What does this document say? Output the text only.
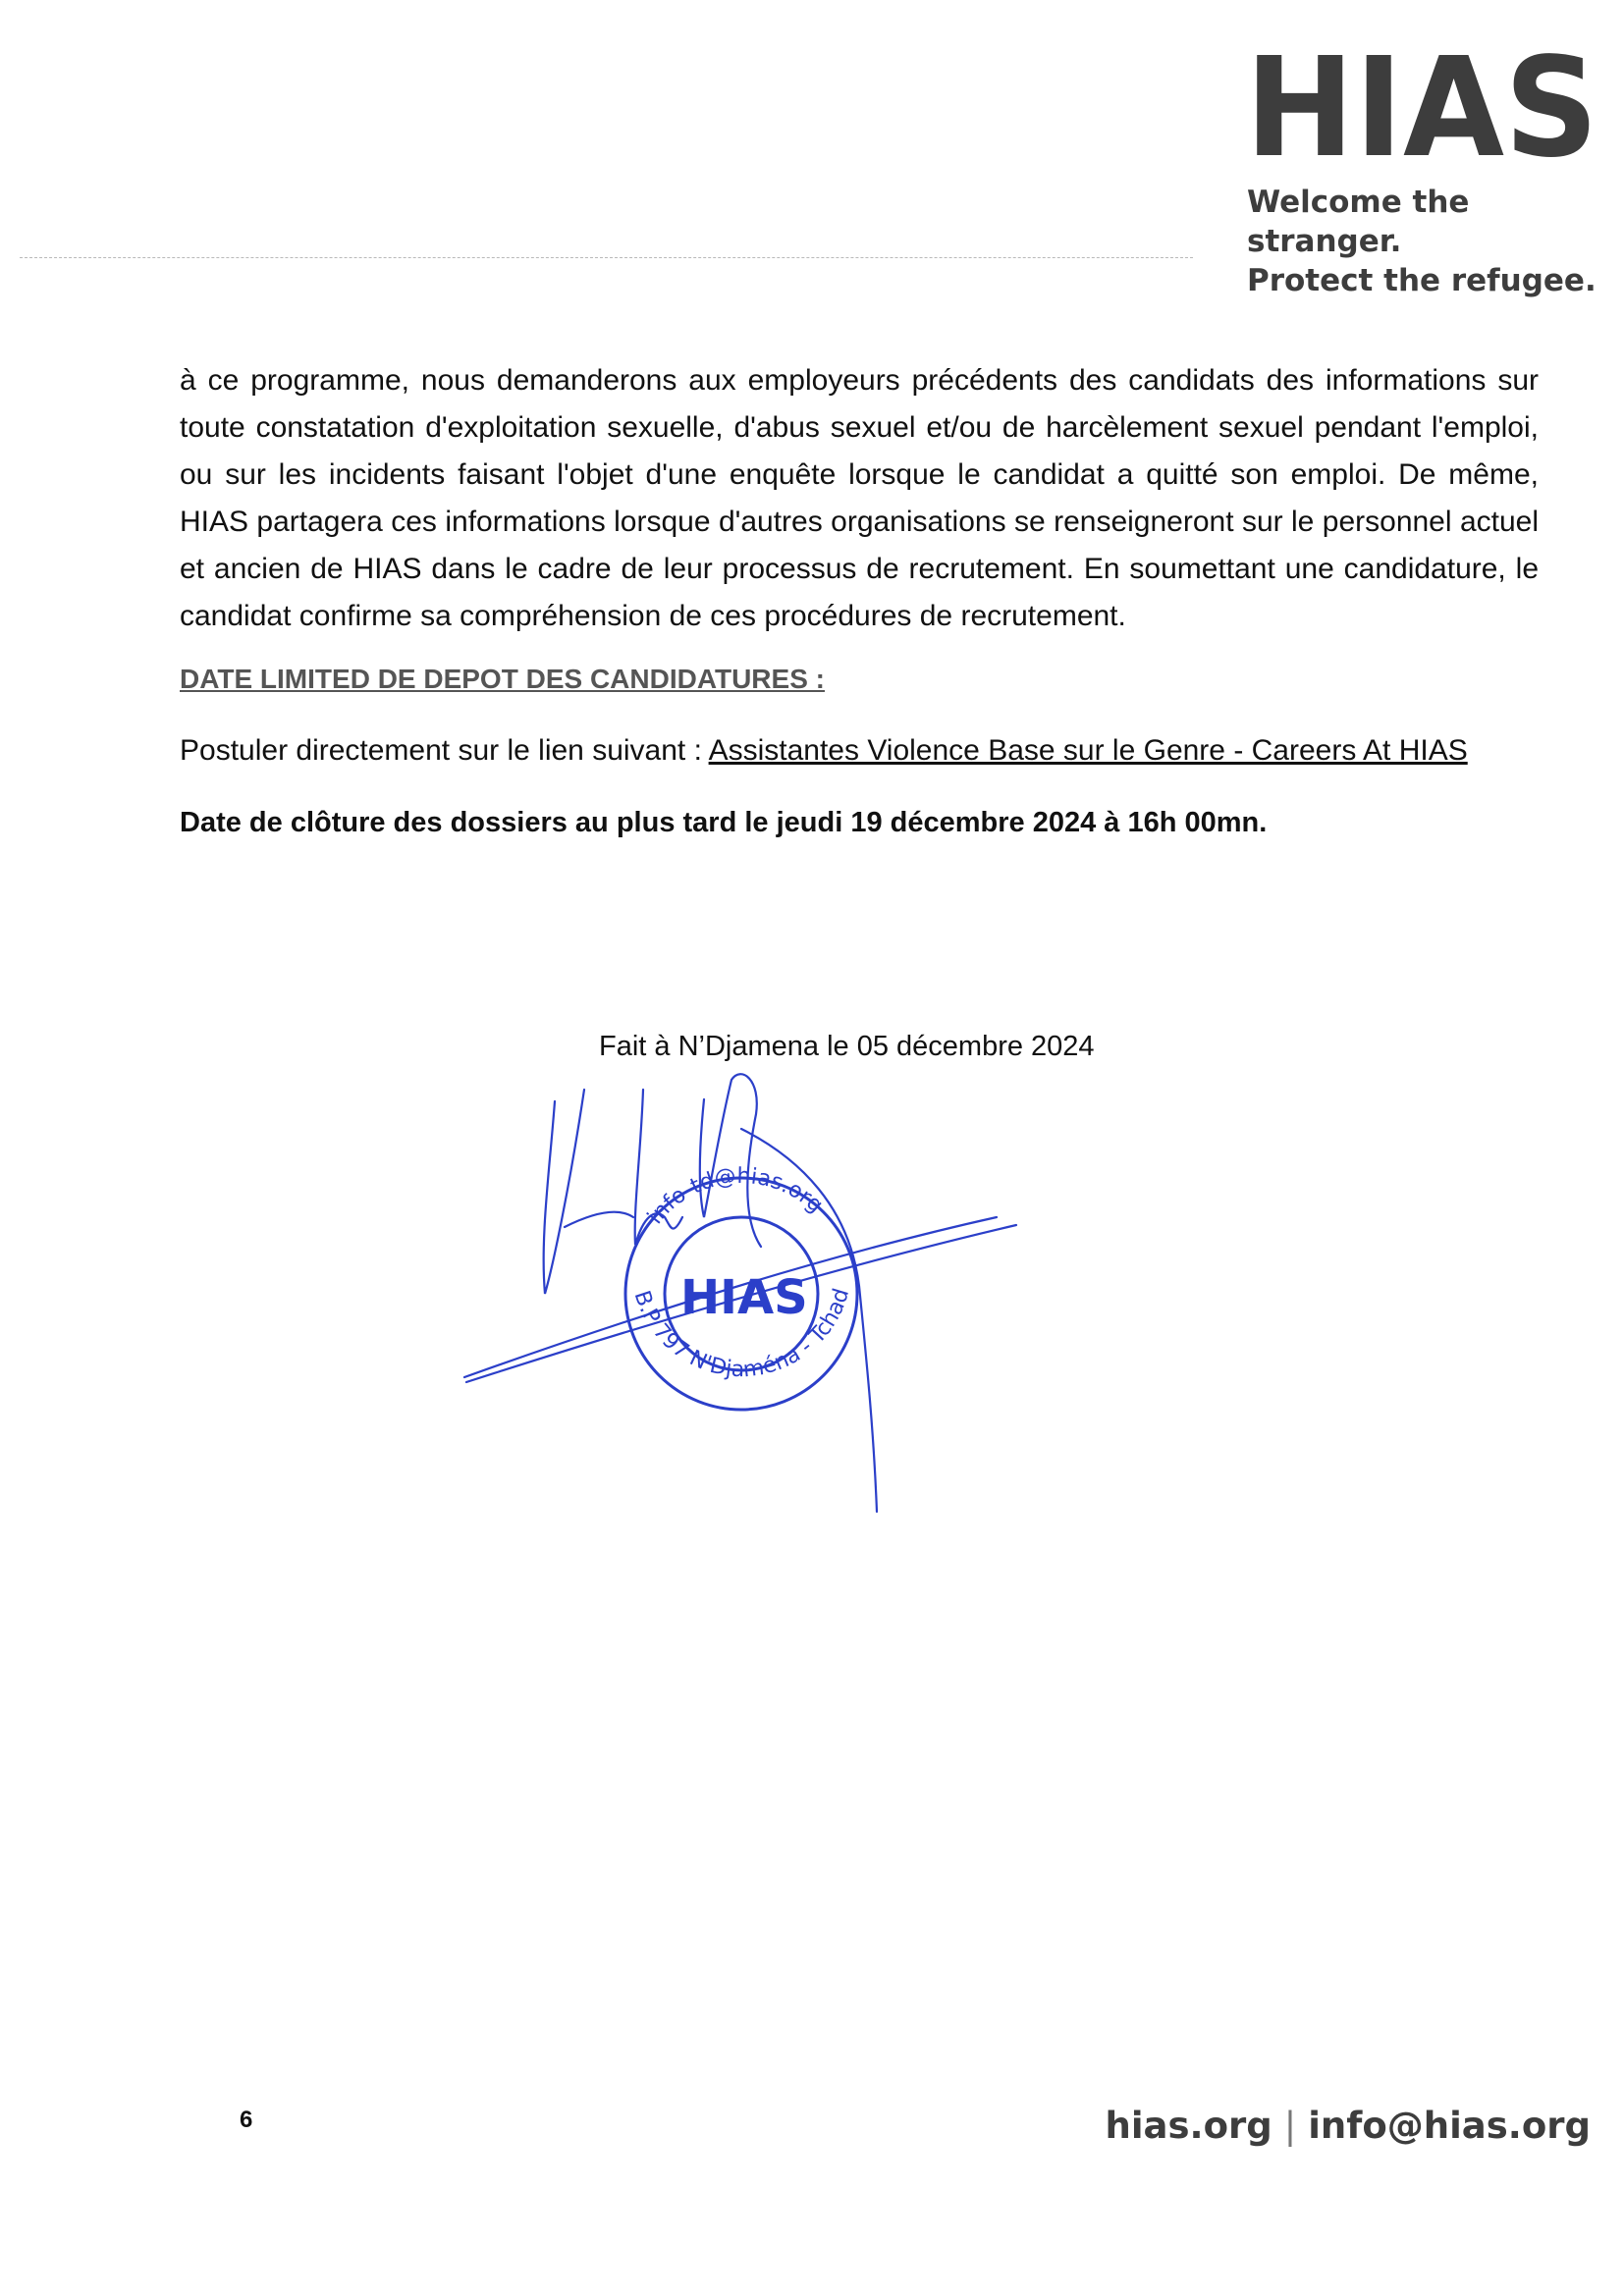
HIAS
Welcome the stranger.
Protect the refugee.

à ce programme, nous demanderons aux employeurs précédents des candidats des informations sur toute constatation d'exploitation sexuelle, d'abus sexuel et/ou de harcèlement sexuel pendant l'emploi, ou sur les incidents faisant l'objet d'une enquête lorsque le candidat a quitté son emploi. De même, HIAS partagera ces informations lorsque d'autres organisations se renseigneront sur le personnel actuel et ancien de HIAS dans le cadre de leur processus de recrutement. En soumettant une candidature, le candidat confirme sa compréhension de ces procédures de recrutement.

DATE LIMITED DE DEPOT DES CANDIDATURES :

Postuler directement sur le lien suivant : Assistantes Violence Base sur le Genre - Careers At HIAS

Date de clôture des dossiers au plus tard le jeudi 19 décembre 2024 à 16h 00mn.

Fait à N’Djamena le 05 décembre 2024

HIAS
info-td@hias.org
B.P 797 N'Djaména - Tchad

6	hias.org | info@hias.org
